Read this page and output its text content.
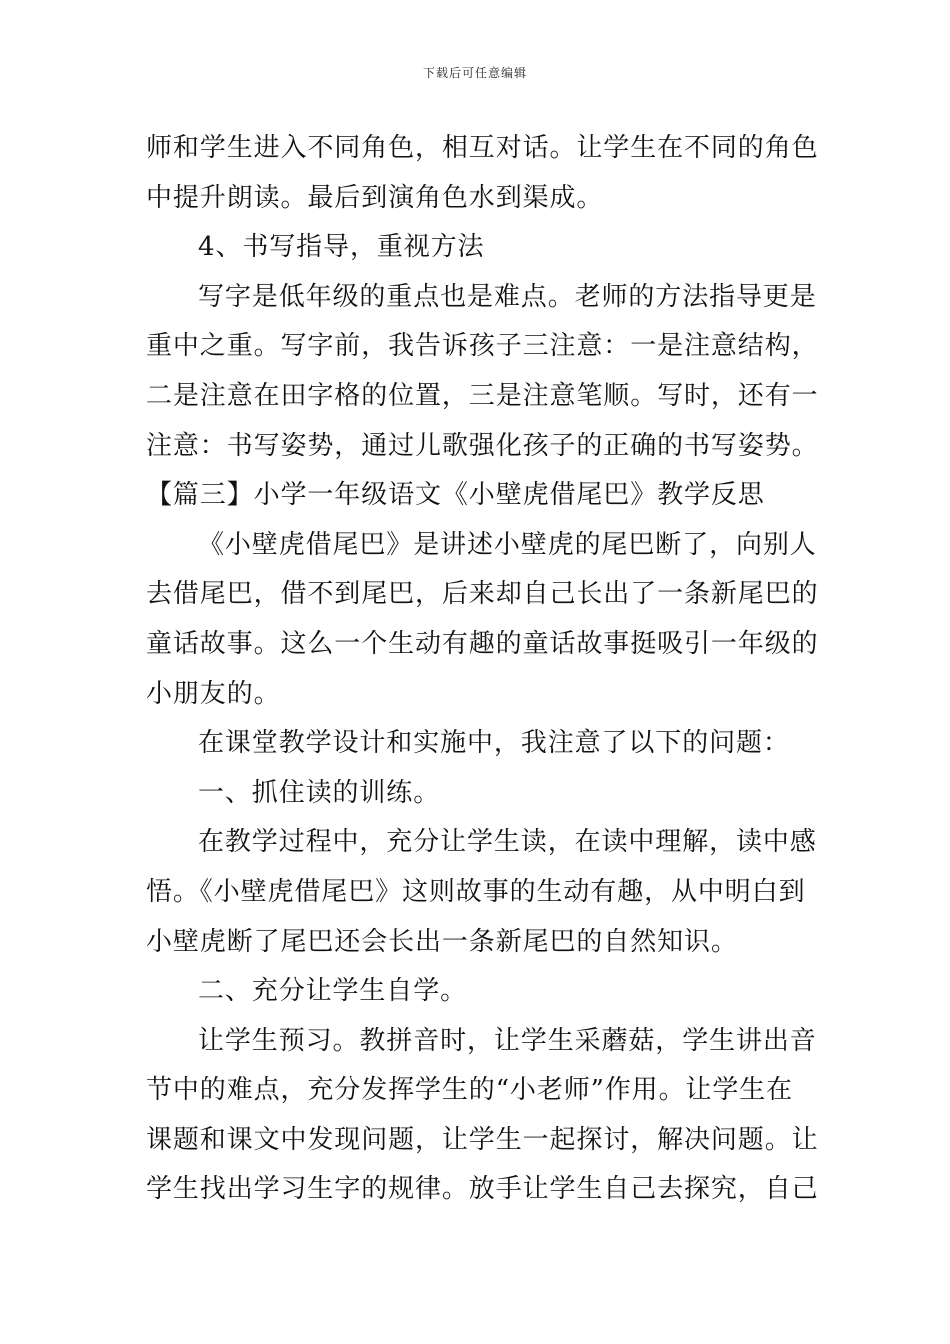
下载后可任意编辑
师和学生进入不同角色，相互对话。让学生在不同的角色
中提升朗读。最后到演角色水到渠成。
4、书写指导，重视方法
写字是低年级的重点也是难点。老师的方法指导更是
重中之重。写字前，我告诉孩子三注意：一是注意结构，
二是注意在田字格的位置，三是注意笔顺。写时，还有一
注意：书写姿势，通过儿歌强化孩子的正确的书写姿势。
【篇三】小学一年级语文《小壁虎借尾巴》教学反思
《小壁虎借尾巴》是讲述小壁虎的尾巴断了，向别人
去借尾巴，借不到尾巴，后来却自己长出了一条新尾巴的
童话故事。这么一个生动有趣的童话故事挺吸引一年级的
小朋友的。
在课堂教学设计和实施中，我注意了以下的问题：
一、抓住读的训练。
在教学过程中，充分让学生读，在读中理解，读中感
悟。《小壁虎借尾巴》这则故事的生动有趣，从中明白到
小壁虎断了尾巴还会长出一条新尾巴的自然知识。
二、充分让学生自学。
让学生预习。教拼音时，让学生采蘑菇，学生讲出音
节中的难点，充分发挥学生的“小老师”作用。让学生在
课题和课文中发现问题，让学生一起探讨，解决问题。让
学生找出学习生字的规律。放手让学生自己去探究，自己
